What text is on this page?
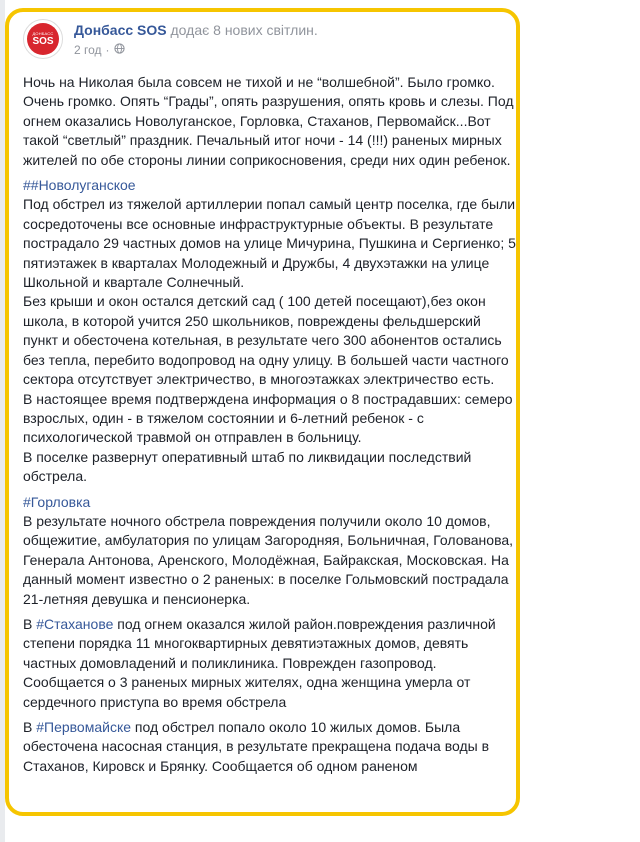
ДОНБАСС
SOS
Донбасс SOS додає 8 нових світлин.
2 год ·

Ночь на Николая была совсем не тихой и не “волшебной”. Было громко. Очень громко. Опять “Грады”, опять разрушения, опять кровь и слезы. Под огнем оказались Новолуганское, Горловка, Стаханов, Первомайск...Вот такой “светлый” праздник. Печальный итог ночи - 14 (!!!) раненых мирных жителей по обе стороны линии соприкосновения, среди них один ребенок.

##Новолуганское

Под обстрел из тяжелой артиллерии попал самый центр поселка, где были сосредоточены все основные инфраструктурные объекты. В результате пострадало 29 частных домов на улице Мичурина, Пушкина и Сергиенко; 5 пятиэтажек в кварталах Молодежный и Дружбы, 4 двухэтажки на улице Школьной и квартале Солнечный.

Без крыши и окон остался детский сад ( 100 детей посещают),без окон школа, в которой учится 250 школьников, повреждены фельдшерский пункт и обесточена котельная, в результате чего 300 абонентов остались без тепла, перебито водопровод на одну улицу. В большей части частного сектора отсутствует электричество, в многоэтажках электричество есть.

В настоящее время подтверждена информация о 8 пострадавших: семеро взрослых, один - в тяжелом состоянии и 6-летний ребенок - с психологической травмой он отправлен в больницу.

В поселке развернут оперативный штаб по ликвидации последствий обстрела.

#Горловка

В результате ночного обстрела повреждения получили около 10 домов, общежитие, амбулатория по улицам Загородняя, Больничная, Голованова, Генерала Антонова, Аренского, Молодёжная, Байракская, Московская. На данный момент известно о 2 раненых: в поселке Гольмовский пострадала 21-летняя девушка и пенсионерка.

В #Стаханове под огнем оказался жилой район.повреждения различной степени порядка 11 многоквартирных девятиэтажных домов, девять частных домовладений и поликлиника. Поврежден газопровод. Сообщается о 3 раненых мирных жителях, одна женщина умерла от сердечного приступа во время обстрела

В #Первомайске под обстрел попало около 10 жилых домов. Была обесточена насосная станция, в результате прекращена подача воды в Стаханов, Кировск и Брянку. Сообщается об одном раненом
